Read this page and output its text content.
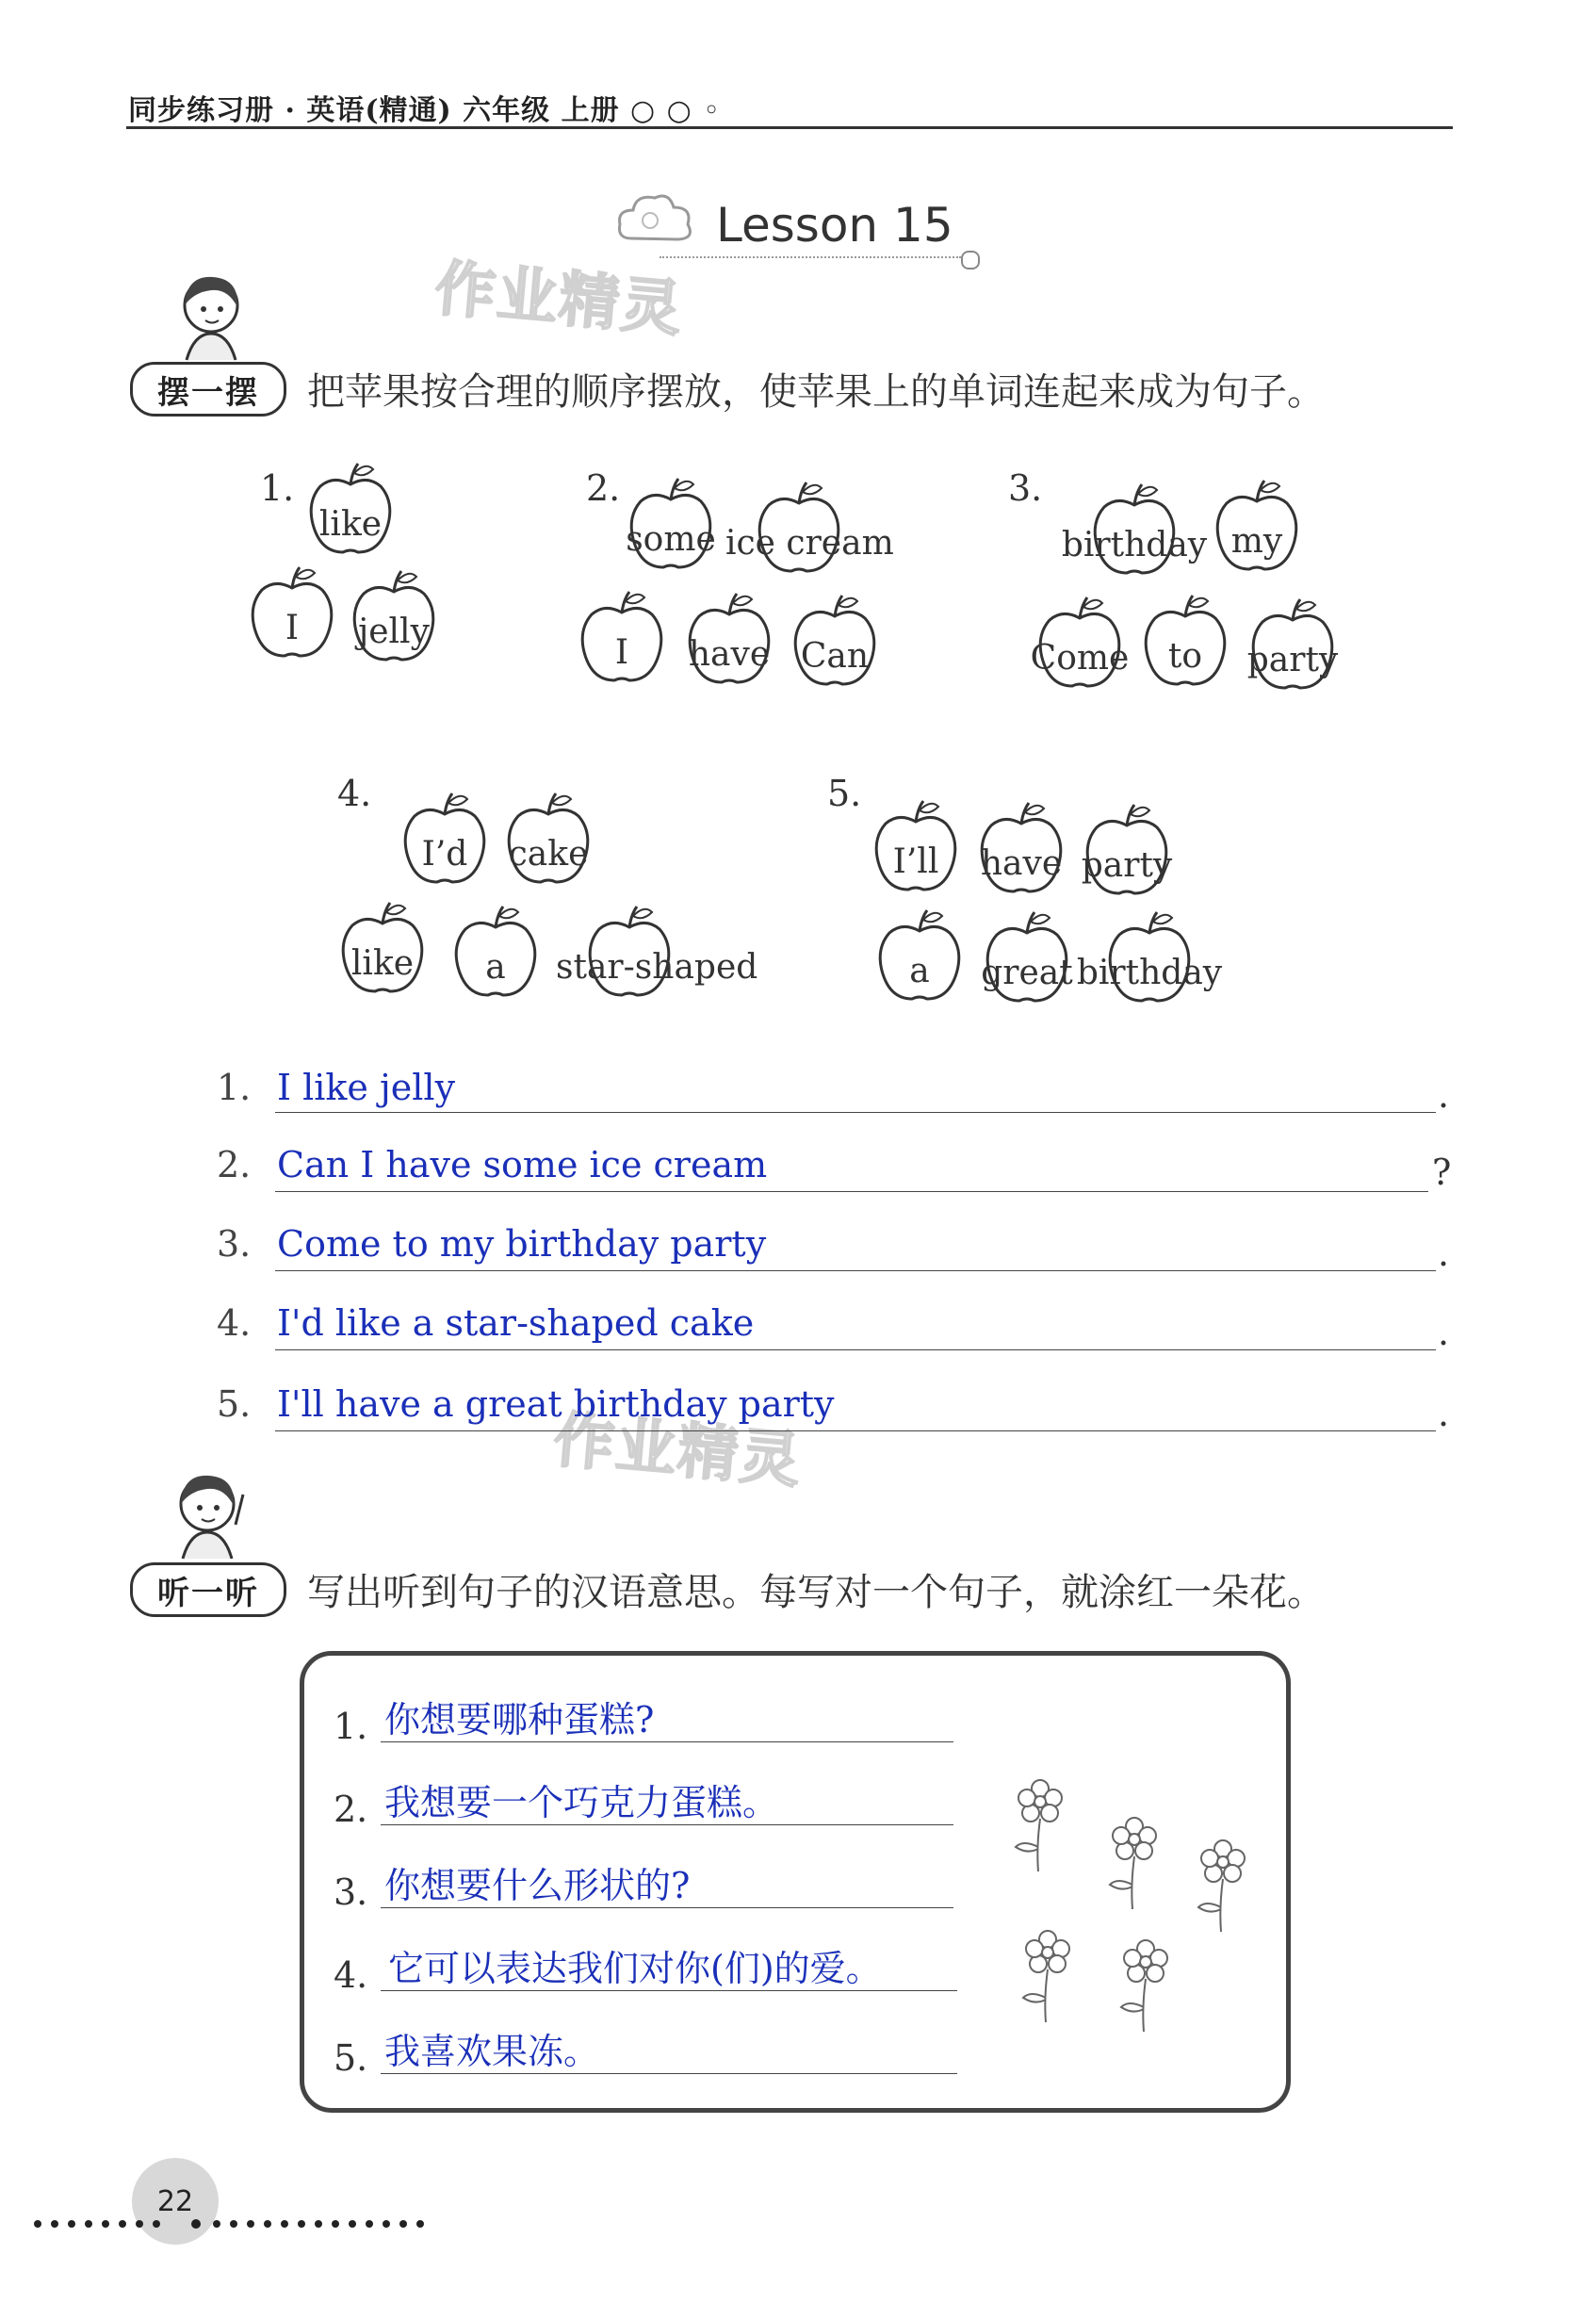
同步练习册 · 英语(精通) 六年级 上册 ○ ○ ◦
Lesson 15
作业精灵
作业精灵
摆一摆	把苹果按合理的顺序摆放，使苹果上的单词连起来成为句子。
1.	2.	3.
4.	5.
like
I	jelly
some ice cream
I	have Can
birthday my
Come	to	party
I’d	cake
like	a	star-shaped
I’ll	have party
a	great birthday
1. I like jelly	.
2. Can I have some ice cream	?
3. Come to my birthday party	.
4. I'd like a star-shaped cake	.
5. I'll have a great birthday party	.
听一听	写出听到句子的汉语意思。每写对一个句子，就涂红一朵花。
1. 你想要哪种蛋糕?
2. 我想要一个巧克力蛋糕。
3. 你想要什么形状的?
4. 它可以表达我们对你(们)的爱。
5. 我喜欢果冻。
22
